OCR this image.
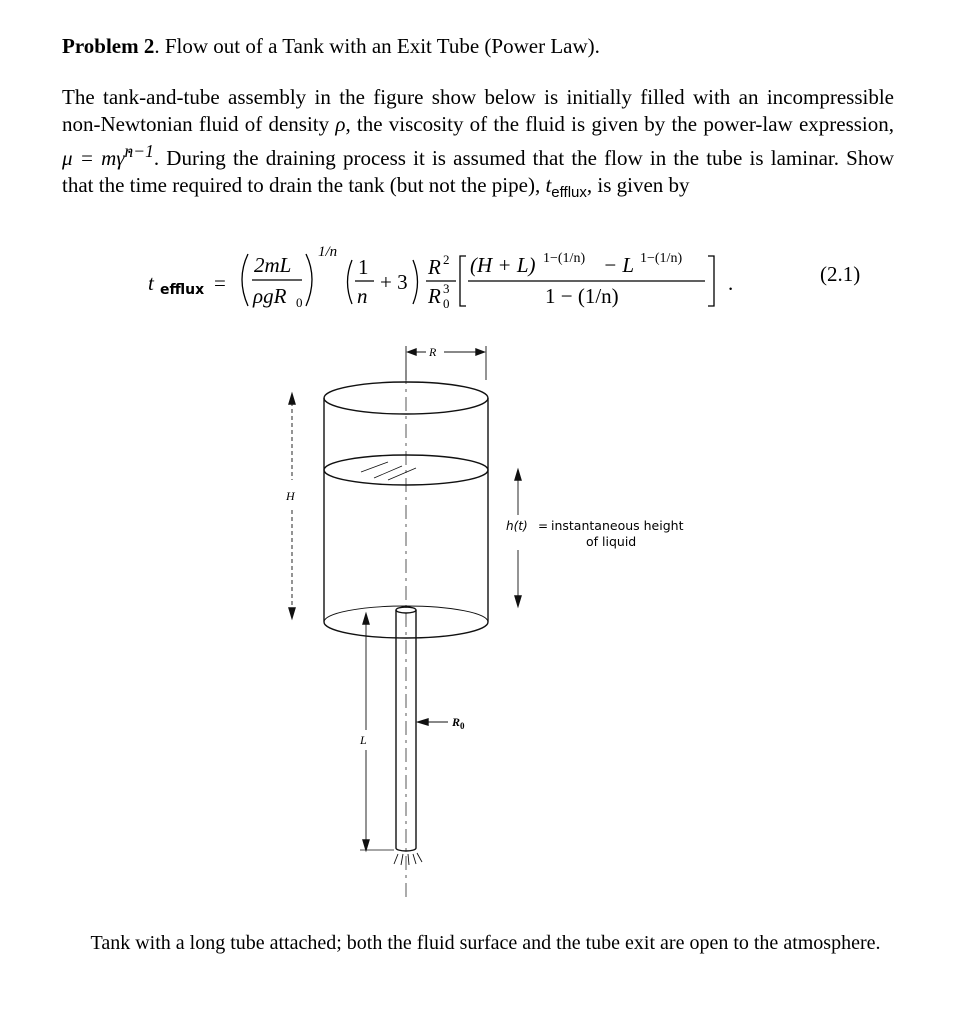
Problem 2. Flow out of a Tank with an Exit Tube (Power Law).
The tank-and-tube assembly in the figure show below is initially filled with an incompressible non-Newtonian fluid of density ρ, the viscosity of the fluid is given by the power-law expression, μ = mγ̇$^{n-1}$. During the draining process it is assumed that the flow in the tube is laminar. Show that the time required to drain the tank (but not the pipe), $t_{efflux}$, is given by
t efflux =
2mL
ρgR 0
1/n
1
n
+ 3
R 2
R 3
0
(H + L) 1−(1/n) − L 1−(1/n)
1 − (1/n)
.	(2.1)
R
H
L
R 0
h(t) = instantaneous height
of liquid
Tank with a long tube attached; both the fluid surface and the tube exit are open to the atmosphere.
